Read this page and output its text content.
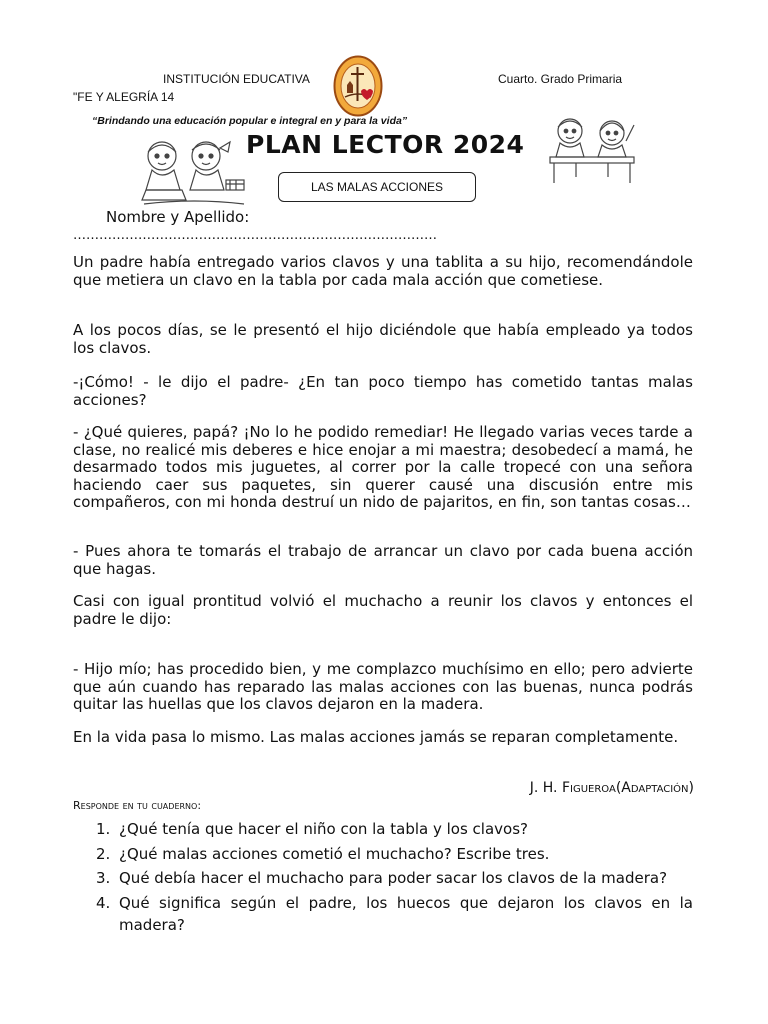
INSTITUCIÓN EDUCATIVA
"FE Y ALEGRÍA 14
Cuarto. Grado Primaria
“Brindando una educación popular e integral en y para la vida”
PLAN LECTOR 2024
LAS MALAS ACCIONES
Nombre y Apellido:
…………………………………………………………………………

Un padre había entregado varios clavos y una tablita a su hijo, recomendándole que metiera un clavo en la tabla por cada mala acción que cometiese.

A los pocos días, se le presentó el hijo diciéndole que había empleado ya todos los clavos.

-¡Cómo! - le dijo el padre- ¿En tan poco tiempo has cometido tantas malas acciones?

- ¿Qué quieres, papá? ¡No lo he podido remediar! He llegado varias veces tarde a clase, no realicé mis deberes e hice enojar a mi maestra; desobedecí a mamá, he desarmado todos mis juguetes, al correr por la calle tropecé con una señora haciendo caer sus paquetes, sin querer causé una discusión entre mis compañeros, con mi honda destruí un nido de pajaritos, en fin, son tantas cosas…

- Pues ahora te tomarás el trabajo de arrancar un clavo por cada buena acción que hagas.

Casi con igual prontitud volvió el muchacho a reunir los clavos y entonces el padre le dijo:

- Hijo mío; has procedido bien, y me complazco muchísimo en ello; pero advierte que aún cuando has reparado las malas acciones con las buenas, nunca podrás quitar las huellas que los clavos dejaron en la madera.

En la vida pasa lo mismo. Las malas acciones jamás se reparan completamente.

J. H. Figueroa(Adaptación)
Responde en tu cuaderno:
1. ¿Qué tenía que hacer el niño con la tabla y los clavos?
2. ¿Qué malas acciones cometió el muchacho? Escribe tres.
3. Qué debía hacer el muchacho para poder sacar los clavos de la madera?
4. Qué significa según el padre, los huecos que dejaron los clavos en la madera?
